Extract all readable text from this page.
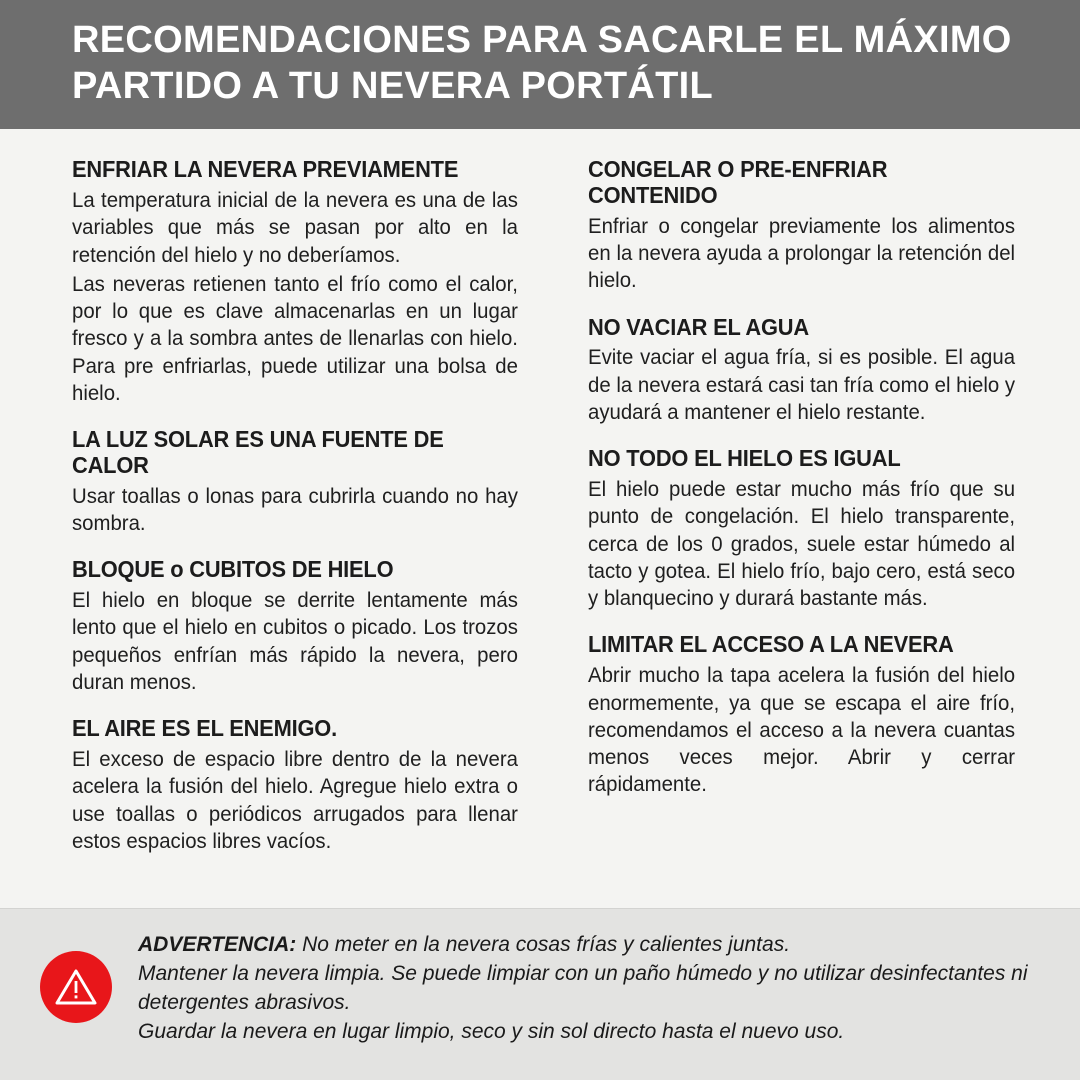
RECOMENDACIONES PARA SACARLE EL MÁXIMO PARTIDO A TU NEVERA PORTÁTIL
ENFRIAR LA NEVERA PREVIAMENTE

La temperatura inicial de la nevera es una de las variables que más se pasan por alto en la retención del hielo y no deberíamos.

Las neveras retienen tanto el frío como el calor, por lo que es clave almacenarlas en un lugar fresco y a la sombra antes de llenarlas con hielo. Para pre enfriarlas, puede utilizar una bolsa de hielo.

LA LUZ SOLAR ES UNA FUENTE DE CALOR

Usar toallas o lonas para cubrirla cuando no hay sombra.

BLOQUE o CUBITOS DE HIELO

El hielo en bloque se derrite lentamente más lento que el hielo en cubitos o picado. Los trozos pequeños enfrían más rápido la nevera, pero duran menos.

EL AIRE ES EL ENEMIGO.

El exceso de espacio libre dentro de la nevera acelera la fusión del hielo. Agregue hielo extra o use toallas o periódicos arrugados para llenar estos espacios libres vacíos.

CONGELAR O PRE-ENFRIAR CONTENIDO

Enfriar o congelar previamente los alimentos en la nevera ayuda a prolongar la retención del hielo.

NO VACIAR EL AGUA

Evite vaciar el agua fría, si es posible. El agua de la nevera estará casi tan fría como el hielo y ayudará a mantener el hielo restante.

NO TODO EL HIELO ES IGUAL

El hielo puede estar mucho más frío que su punto de congelación. El hielo transparente, cerca de los 0 grados, suele estar húmedo al tacto y gotea. El hielo frío, bajo cero, está seco y blanquecino y durará bastante más.

LIMITAR EL ACCESO A LA NEVERA

Abrir mucho la tapa acelera la fusión del hielo enormemente, ya que se escapa el aire frío, recomendamos el acceso a la nevera cuantas menos veces mejor. Abrir y cerrar rápidamente.

ADVERTENCIA: No meter en la nevera cosas frías y calientes juntas.
Mantener la nevera limpia. Se puede limpiar con un paño húmedo y no utilizar desinfectantes ni detergentes abrasivos.
Guardar la nevera en lugar limpio, seco y sin sol directo hasta el nuevo uso.
